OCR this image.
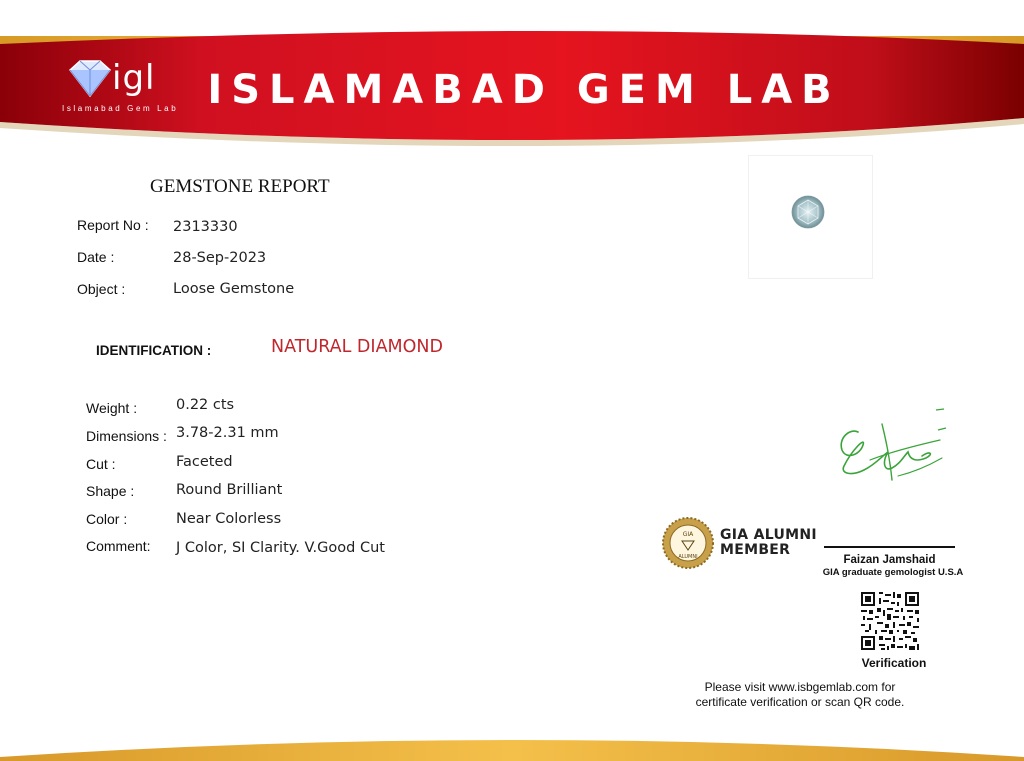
ISLAMABAD GEM LAB
igl
Islamabad Gem Lab
GEMSTONE REPORT
Report No : 2313330
Date :	28-Sep-2023
Object :	Loose Gemstone
IDENTIFICATION :	NATURAL DIAMOND
Weight :	0.22 cts
Dimensions : 3.78-2.31 mm
Cut :	Faceted
Shape :	Round Brilliant
Color :	Near Colorless
Comment: J Color, SI Clarity. V.Good Cut
GIA
ALUMNI
GIA ALUMNI
MEMBER
Faizan Jamshaid
GIA graduate gemologist U.S.A
Verification
Please visit www.isbgemlab.com for
certificate verification or scan QR code.
